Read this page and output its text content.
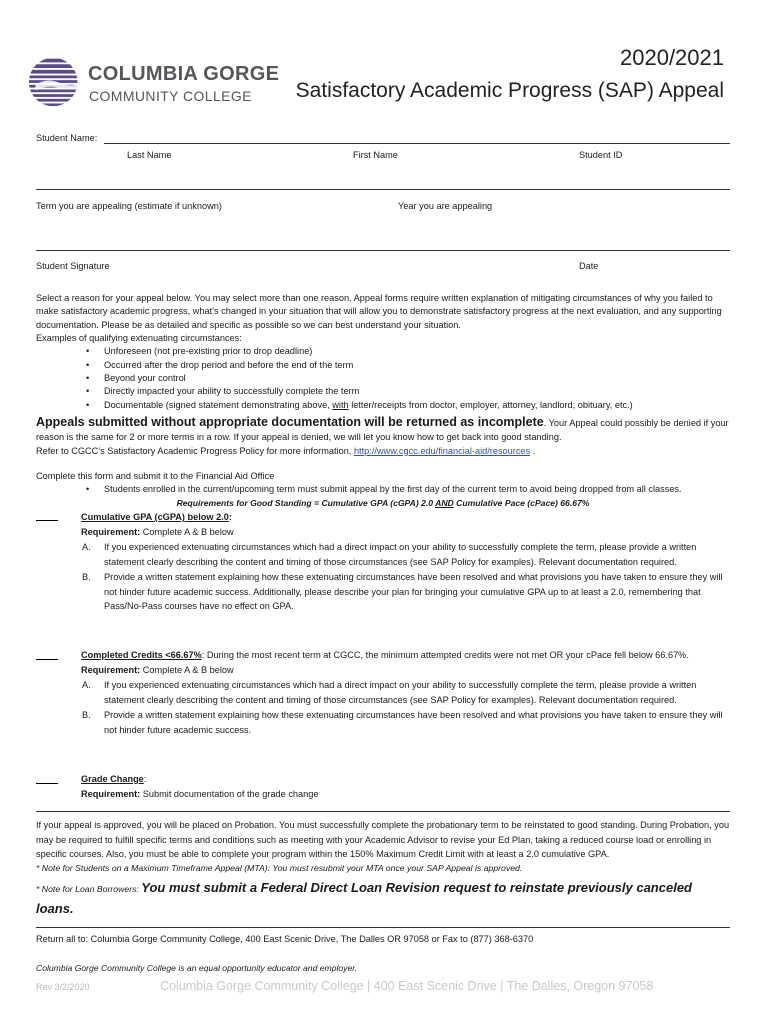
COLUMBIA GORGE
COMMUNITY COLLEGE
2020/2021
Satisfactory Academic Progress (SAP) Appeal
Student Name:
Last Name	First Name	Student ID
Term you are appealing (estimate if unknown)	Year you are appealing
Student Signature	Date
Select a reason for your appeal below. You may select more than one reason. Appeal forms require written explanation of mitigating circumstances of why you failed to make satisfactory academic progress, what’s changed in your situation that will allow you to demonstrate satisfactory progress at the next evaluation, and any supporting documentation. Please be as detailed and specific as possible so we can best understand your situation.
Examples of qualifying extenuating circumstances:
• Unforeseen (not pre-existing prior to drop deadline)
• Occurred after the drop period and before the end of the term
• Beyond your control
• Directly impacted your ability to successfully complete the term
• Documentable (signed statement demonstrating above, with letter/receipts from doctor, employer, attorney, landlord, obituary, etc.)
Appeals submitted without appropriate documentation will be returned as incomplete. Your Appeal could possibly be denied if your reason is the same for 2 or more terms in a row. If your appeal is denied, we will let you know how to get back into good standing.
Refer to CGCC’s Satisfactory Academic Progress Policy for more information, http://www.cgcc.edu/financial-aid/resources .
Complete this form and submit it to the Financial Aid Office
• Students enrolled in the current/upcoming term must submit appeal by the first day of the current term to avoid being dropped from all classes.
Requirements for Good Standing = Cumulative GPA (cGPA) 2.0 AND Cumulative Pace (cPace) 66.67%
Cumulative GPA (cGPA) below 2.0:
Requirement: Complete A & B below
A. If you experienced extenuating circumstances which had a direct impact on your ability to successfully complete the term, please provide a written statement clearly describing the content and timing of those circumstances (see SAP Policy for examples). Relevant documentation required.
B. Provide a written statement explaining how these extenuating circumstances have been resolved and what provisions you have taken to ensure they will not hinder future academic success. Additionally, please describe your plan for bringing your cumulative GPA up to at least a 2.0, remembering that Pass/No-Pass courses have no effect on GPA.
Completed Credits <66.67%: During the most recent term at CGCC, the minimum attempted credits were not met OR your cPace fell below 66.67%.
Requirement: Complete A & B below
A. If you experienced extenuating circumstances which had a direct impact on your ability to successfully complete the term, please provide a written statement clearly describing the content and timing of those circumstances (see SAP Policy for examples). Relevant documentation required.
B. Provide a written statement explaining how these extenuating circumstances have been resolved and what provisions you have taken to ensure they will not hinder future academic success.
Grade Change:
Requirement: Submit documentation of the grade change
If your appeal is approved, you will be placed on Probation. You must successfully complete the probationary term to be reinstated to good standing. During Probation, you may be required to fulfill specific terms and conditions such as meeting with your Academic Advisor to revise your Ed Plan, taking a reduced course load or enrolling in specific courses. Also, you must be able to complete your program within the 150% Maximum Credit Limit with at least a 2.0 cumulative GPA.
* Note for Students on a Maximum Timeframe Appeal (MTA): You must resubmit your MTA once your SAP Appeal is approved.
* Note for Loan Borrowers: You must submit a Federal Direct Loan Revision request to reinstate previously canceled loans.
Return all to: Columbia Gorge Community College, 400 East Scenic Drive, The Dalles OR 97058 or Fax to (877) 368-6370
Columbia Gorge Community College is an equal opportunity educator and employer.
Rev 3/2/2020	Columbia Gorge Community College | 400 East Scenic Drive | The Dalles, Oregon 97058
